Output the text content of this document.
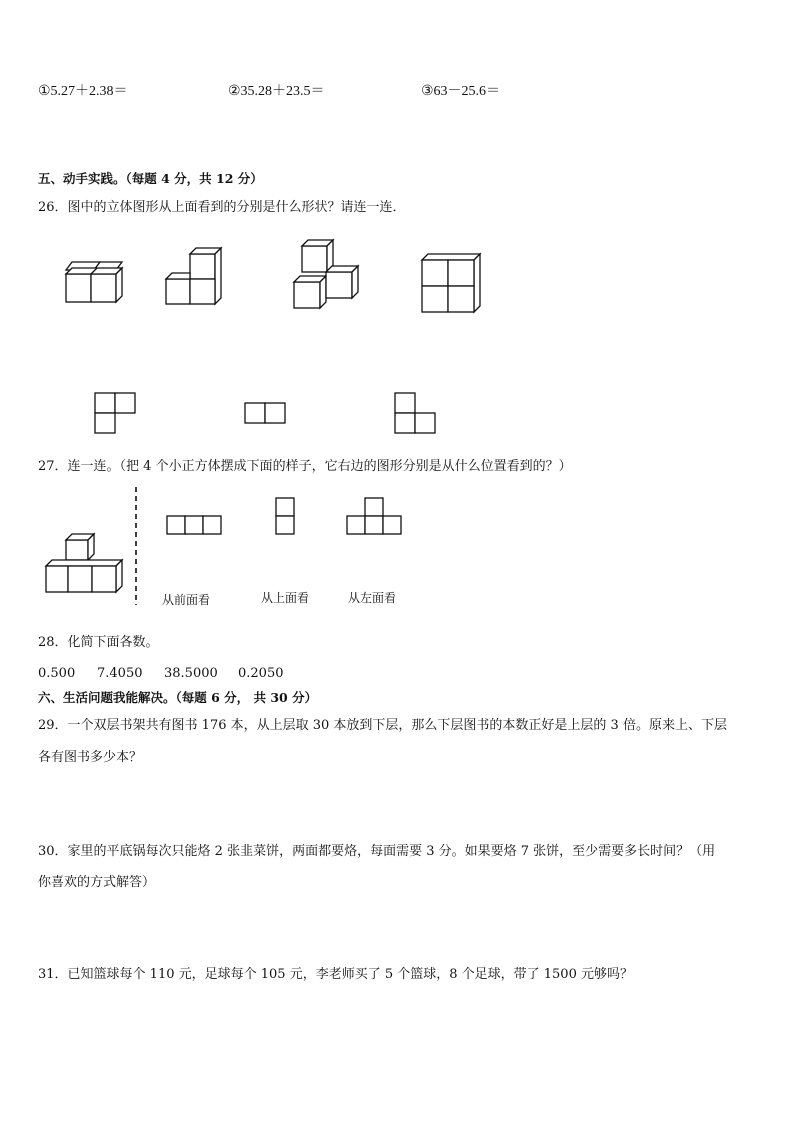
①5.27＋2.38＝	②35.28＋23.5＝	③63－25.6＝
五、动手实践。（每题 4 分，共 12 分）
26．图中的立体图形从上面看到的分别是什么形状？请连一连．
27．连一连。（把 4 个小正方体摆成下面的样子，它右边的图形分别是从什么位置看到的？）
从前面看	从上面看	从左面看
28．化简下面各数。
0.500 7.4050 38.5000 0.2050
六、生活问题我能解决。（每题 6 分， 共 30 分）
29．一个双层书架共有图书 176 本，从上层取 30 本放到下层，那么下层图书的本数正好是上层的 3 倍。原来上、下层
各有图书多少本？
30．家里的平底锅每次只能烙 2 张韭菜饼，两面都要烙，每面需要 3 分。如果要烙 7 张饼，至少需要多长时间？（用
你喜欢的方式解答）
31．已知篮球每个 110 元，足球每个 105 元，李老师买了 5 个篮球，8 个足球，带了 1500 元够吗？
